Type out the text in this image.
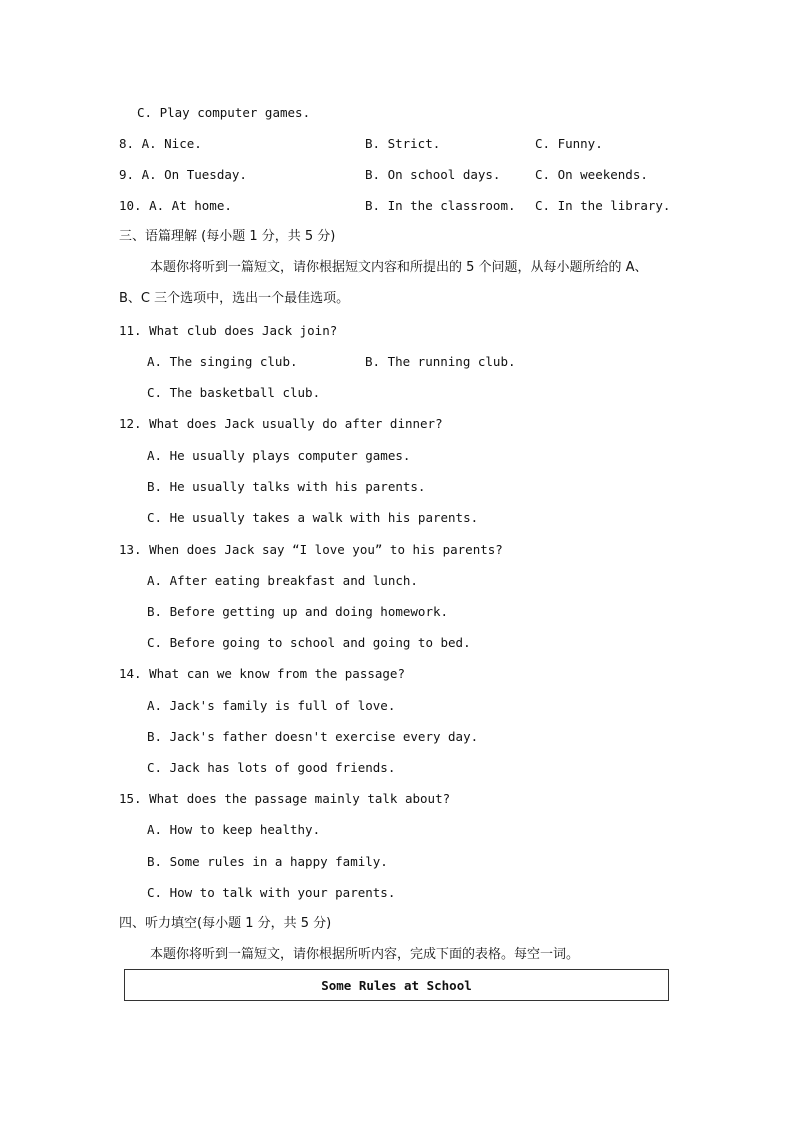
C. Play computer games.
8. A. Nice.	B. Strict.	C. Funny.
9. A. On Tuesday.	B. On school days.	C. On weekends.
10. A. At home.	B. In the classroom. C. In the library.
三、语篇理解 (每小题 1 分，共 5 分)
本题你将听到一篇短文，请你根据短文内容和所提出的 5 个问题，从每小题所给的 A、
B、C 三个选项中，选出一个最佳选项。
11. What club does Jack join?
A. The singing club.	B. The running club.
C. The basketball club.
12. What does Jack usually do after dinner?
A. He usually plays computer games.
B. He usually talks with his parents.
C. He usually takes a walk with his parents.
13. When does Jack say “I love you” to his parents?
A. After eating breakfast and lunch.
B. Before getting up and doing homework.
C. Before going to school and going to bed.
14. What can we know from the passage?
A. Jack's family is full of love.
B. Jack's father doesn't exercise every day.
C. Jack has lots of good friends.
15. What does the passage mainly talk about?
A. How to keep healthy.
B. Some rules in a happy family.
C. How to talk with your parents.
四、听力填空(每小题 1 分，共 5 分)
本题你将听到一篇短文，请你根据所听内容，完成下面的表格。每空一词。
Some Rules at School
